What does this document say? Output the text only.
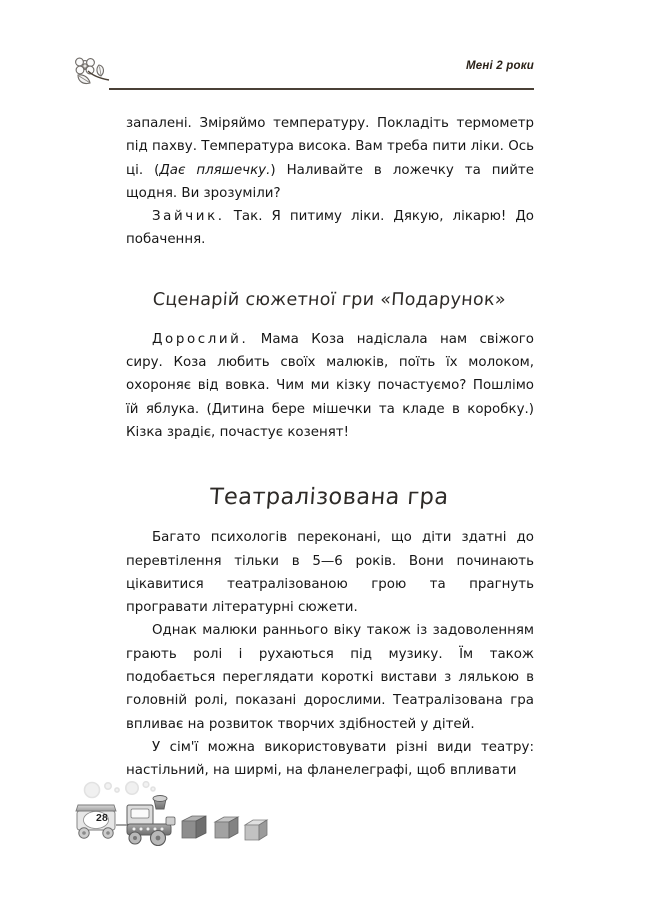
Мені 2 роки

запалені. Зміряймо температуру. Покладіть термометр під пахву. Температура висока. Вам треба пити ліки. Ось ці. (Дає пляшечку.) Наливайте в ложечку та пийте щодня. Ви зрозуміли?

Зайчик. Так. Я питиму ліки. Дякую, лікарю! До побачення.

Сценарій сюжетної гри «Подарунок»

Дорослий. Мама Коза надіслала нам свіжого сиру. Коза любить своїх малюків, поїть їх молоком, охороняє від вовка. Чим ми кізку почастуємо? Пошлімо їй яблука. (Дитина бере мішечки та кладе в коробку.) Кізка зрадіє, почастує козенят!

Театралізована гра

Багато психологів переконані, що діти здатні до перевтілення тільки в 5—6 років. Вони починають цікавитися театралізованою грою та прагнуть програвати літературні сюжети.

Однак малюки раннього віку також із задоволенням грають ролі і рухаються під музику. Їм також подобається переглядати короткі вистави з лялькою в головній ролі, показані дорослими. Театралізована гра впливає на розвиток творчих здібностей у дітей.

У сім'ї можна використовувати різні види театру: настільний, на ширмі, на фланелеграфі, щоб впливати

28
